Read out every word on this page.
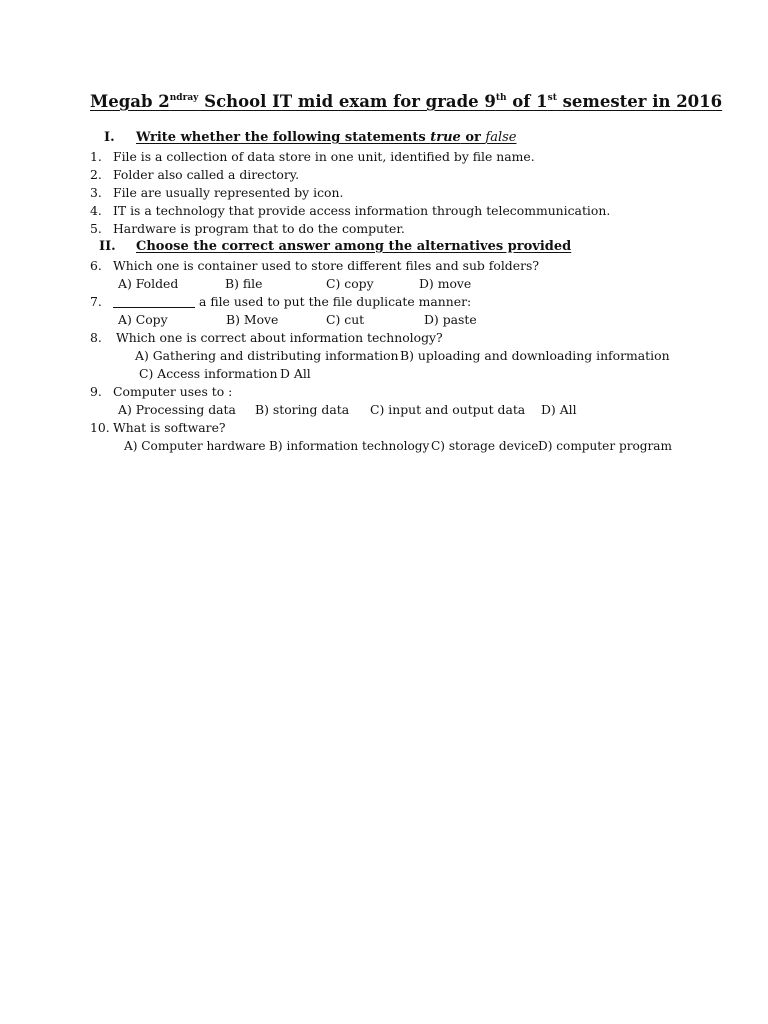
Megab $2^{ndray}$ School IT mid exam for grade 9th of 1st semester in 2016
I. Write whether the following statements true or false
1. File is a collection of data store in one unit, identified by file name.
2. Folder also called a directory.
3. File are usually represented by icon.
4. IT is a technology that provide access information through telecommunication.
5. Hardware is program that to do the computer.
II. Choose the correct answer among the alternatives provided
6. Which one is container used to store different files and sub folders?
A) Folded	B) file	C) copy	D) move
7.	a file used to put the file duplicate manner:
A) Copy	B) Move	C) cut	D) paste
8. Which one is correct about information technology?
A) Gathering and distributing information B) uploading and downloading information
C) Access information D All
9. Computer uses to :
A) Processing data B) storing data C) input and output data D) All
10. What is software?
A) Computer hardware B) information technology C) storage device D) computer program
